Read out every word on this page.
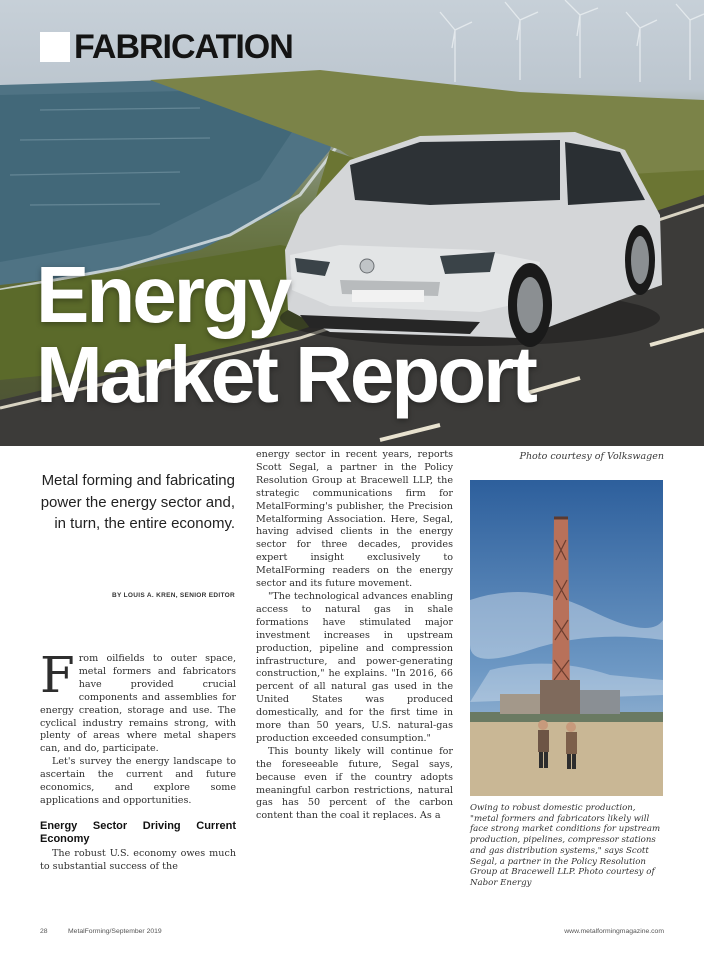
FABRICATION
Energy
Market Report
Photo courtesy of Volkswagen
Metal forming and fabricating power the energy sector and, in turn, the entire economy.
BY LOUIS A. KREN, SENIOR EDITOR

From oilfields to outer space, metal formers and fabricators have provided crucial components and assemblies for energy creation, storage and use. The cyclical industry remains strong, with plenty of areas where metal shapers can, and do, participate.

Let's survey the energy landscape to ascertain the current and future economics, and explore some applications and opportunities.

Energy Sector Driving Current Economy

The robust U.S. economy owes much to substantial success of the

energy sector in recent years, reports Scott Segal, a partner in the Policy Resolution Group at Bracewell LLP, the strategic communications firm for MetalForming's publisher, the Precision Metalforming Association. Here, Segal, having advised clients in the energy sector for three decades, provides expert insight exclusively to MetalForming readers on the energy sector and its future movement.

"The technological advances enabling access to natural gas in shale formations have stimulated major investment increases in upstream production, pipeline and compression infrastructure, and power-generating construction," he explains. "In 2016, 66 percent of all natural gas used in the United States was produced domestically, and for the first time in more than 50 years, U.S. natural-gas production exceeded consumption."

This bounty likely will continue for the foreseeable future, Segal says, because even if the country adopts meaningful carbon restrictions, natural gas has 50 percent of the carbon content than the coal it replaces. As a

Owing to robust domestic production, "metal formers and fabricators likely will face strong market conditions for upstream production, pipelines, compressor stations and gas distribution systems," says Scott Segal, a partner in the Policy Resolution Group at Bracewell LLP. Photo courtesy of Nabor Energy
28	MetalForming/September 2019	www.metalformingmagazine.com
